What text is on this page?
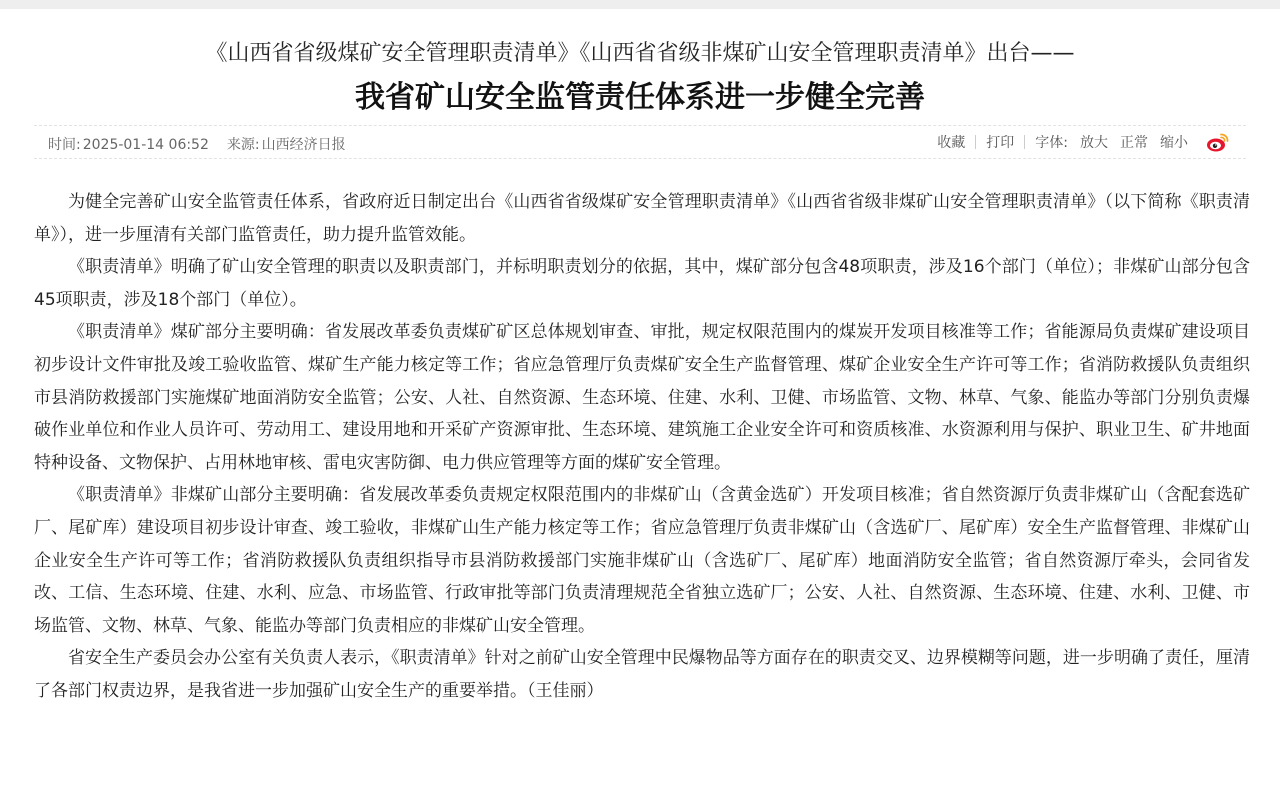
《山西省省级煤矿安全管理职责清单》《山西省省级非煤矿山安全管理职责清单》出台——
我省矿山安全监管责任体系进一步健全完善
时间: 2025-01-14 06:52 来源: 山西经济日报	收藏 打印 字体: 放大 正常 缩小

为健全完善矿山安全监管责任体系，省政府近日制定出台《山西省省级煤矿安全管理职责清单》《山西省省级非煤矿山安全管理职责清单》（以下简称《职责清单》），进一步厘清有关部门监管责任，助力提升监管效能。

《职责清单》明确了矿山安全管理的职责以及职责部门，并标明职责划分的依据，其中，煤矿部分包含48项职责，涉及16个部门（单位）；非煤矿山部分包含45项职责，涉及18个部门（单位）。

《职责清单》煤矿部分主要明确：省发展改革委负责煤矿矿区总体规划审查、审批，规定权限范围内的煤炭开发项目核准等工作；省能源局负责煤矿建设项目初步设计文件审批及竣工验收监管、煤矿生产能力核定等工作；省应急管理厅负责煤矿安全生产监督管理、煤矿企业安全生产许可等工作；省消防救援队负责组织市县消防救援部门实施煤矿地面消防安全监管；公安、人社、自然资源、生态环境、住建、水利、卫健、市场监管、文物、林草、气象、能监办等部门分别负责爆破作业单位和作业人员许可、劳动用工、建设用地和开采矿产资源审批、生态环境、建筑施工企业安全许可和资质核准、水资源利用与保护、职业卫生、矿井地面特种设备、文物保护、占用林地审核、雷电灾害防御、电力供应管理等方面的煤矿安全管理。

《职责清单》非煤矿山部分主要明确：省发展改革委负责规定权限范围内的非煤矿山（含黄金选矿）开发项目核准；省自然资源厅负责非煤矿山（含配套选矿厂、尾矿库）建设项目初步设计审查、竣工验收，非煤矿山生产能力核定等工作；省应急管理厅负责非煤矿山（含选矿厂、尾矿库）安全生产监督管理、非煤矿山企业安全生产许可等工作；省消防救援队负责组织指导市县消防救援部门实施非煤矿山（含选矿厂、尾矿库）地面消防安全监管；省自然资源厅牵头，会同省发改、工信、生态环境、住建、水利、应急、市场监管、行政审批等部门负责清理规范全省独立选矿厂；公安、人社、自然资源、生态环境、住建、水利、卫健、市场监管、文物、林草、气象、能监办等部门负责相应的非煤矿山安全管理。

省安全生产委员会办公室有关负责人表示，《职责清单》针对之前矿山安全管理中民爆物品等方面存在的职责交叉、边界模糊等问题，进一步明确了责任，厘清了各部门权责边界，是我省进一步加强矿山安全生产的重要举措。（王佳丽）
